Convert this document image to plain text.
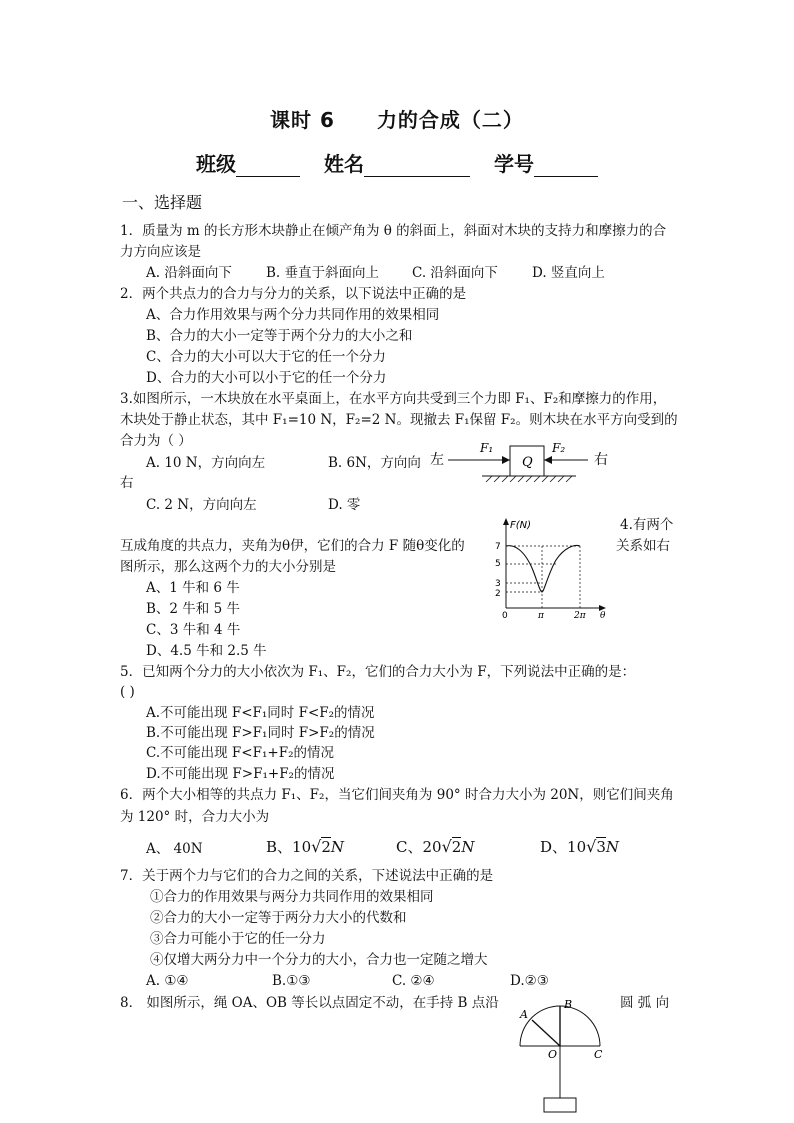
课时 6 力的合成（二）
班级	姓名	学号
一、选择题
1．质量为 m 的长方形木块静止在倾产角为 θ 的斜面上，斜面对木块的支持力和摩擦力的合
力方向应该是
A. 沿斜面向下	B. 垂直于斜面向上 C. 沿斜面向下	D. 竖直向上
2．两个共点力的合力与分力的关系，以下说法中正确的是
A、合力作用效果与两个分力共同作用的效果相同
B、合力的大小一定等于两个分力的大小之和
C、合力的大小可以大于它的任一个分力
D、合力的大小可以小于它的任一个分力
3.如图所示，一木块放在水平桌面上，在水平方向共受到三个力即 F₁、F₂和摩擦力的作用，
木块处于静止状态，其中 F₁=10 N，F₂=2 N。现撤去 F₁保留 F₂。则木块在水平方向受到的
合力为（ ）
A. 10 N，方向向左	B. 6N，方向向
右
C. 2 N，方向向左	D. 零
左	右
F₁
Q
F₂
4.有两个
互成角度的共点力，夹角为θ伊，它们的合力 F 随θ变化的	关系如右
图所示，那么这两个力的大小分别是
A、1 牛和 6 牛
B、2 牛和 5 牛
C、3 牛和 4 牛
D、4.5 牛和 2.5 牛
F(N)
7
5
3
2
0	π	2π θ
5．已知两个分力的大小依次为 F₁、F₂，它们的合力大小为 F，下列说法中正确的是：
( )
A.不可能出现 F<F₁同时 F<F₂的情况
B.不可能出现 F>F₁同时 F>F₂的情况
C.不可能出现 F<F₁+F₂的情况
D.不可能出现 F>F₁+F₂的情况
6．两个大小相等的共点力 F₁、F₂，当它们间夹角为 90° 时合力大小为 20N，则它们间夹角
为 120° 时，合力大小为
A、 40N	B、10√2N	C、20√2N	D、10√3N
7．关于两个力与它们的合力之间的关系，下述说法中正确的是
①合力的作用效果与两分力共同作用的效果相同
②合力的大小一定等于两分力大小的代数和
③合力可能小于它的任一分力
④仅增大两分力中一个分力的大小，合力也一定随之增大
A. ①④	B.①③	C. ②④	D.②③
8． 如图所示，绳 OA、OB 等长以点固定不动，在手持 B 点沿	圆 弧 向
A
B
C
O
